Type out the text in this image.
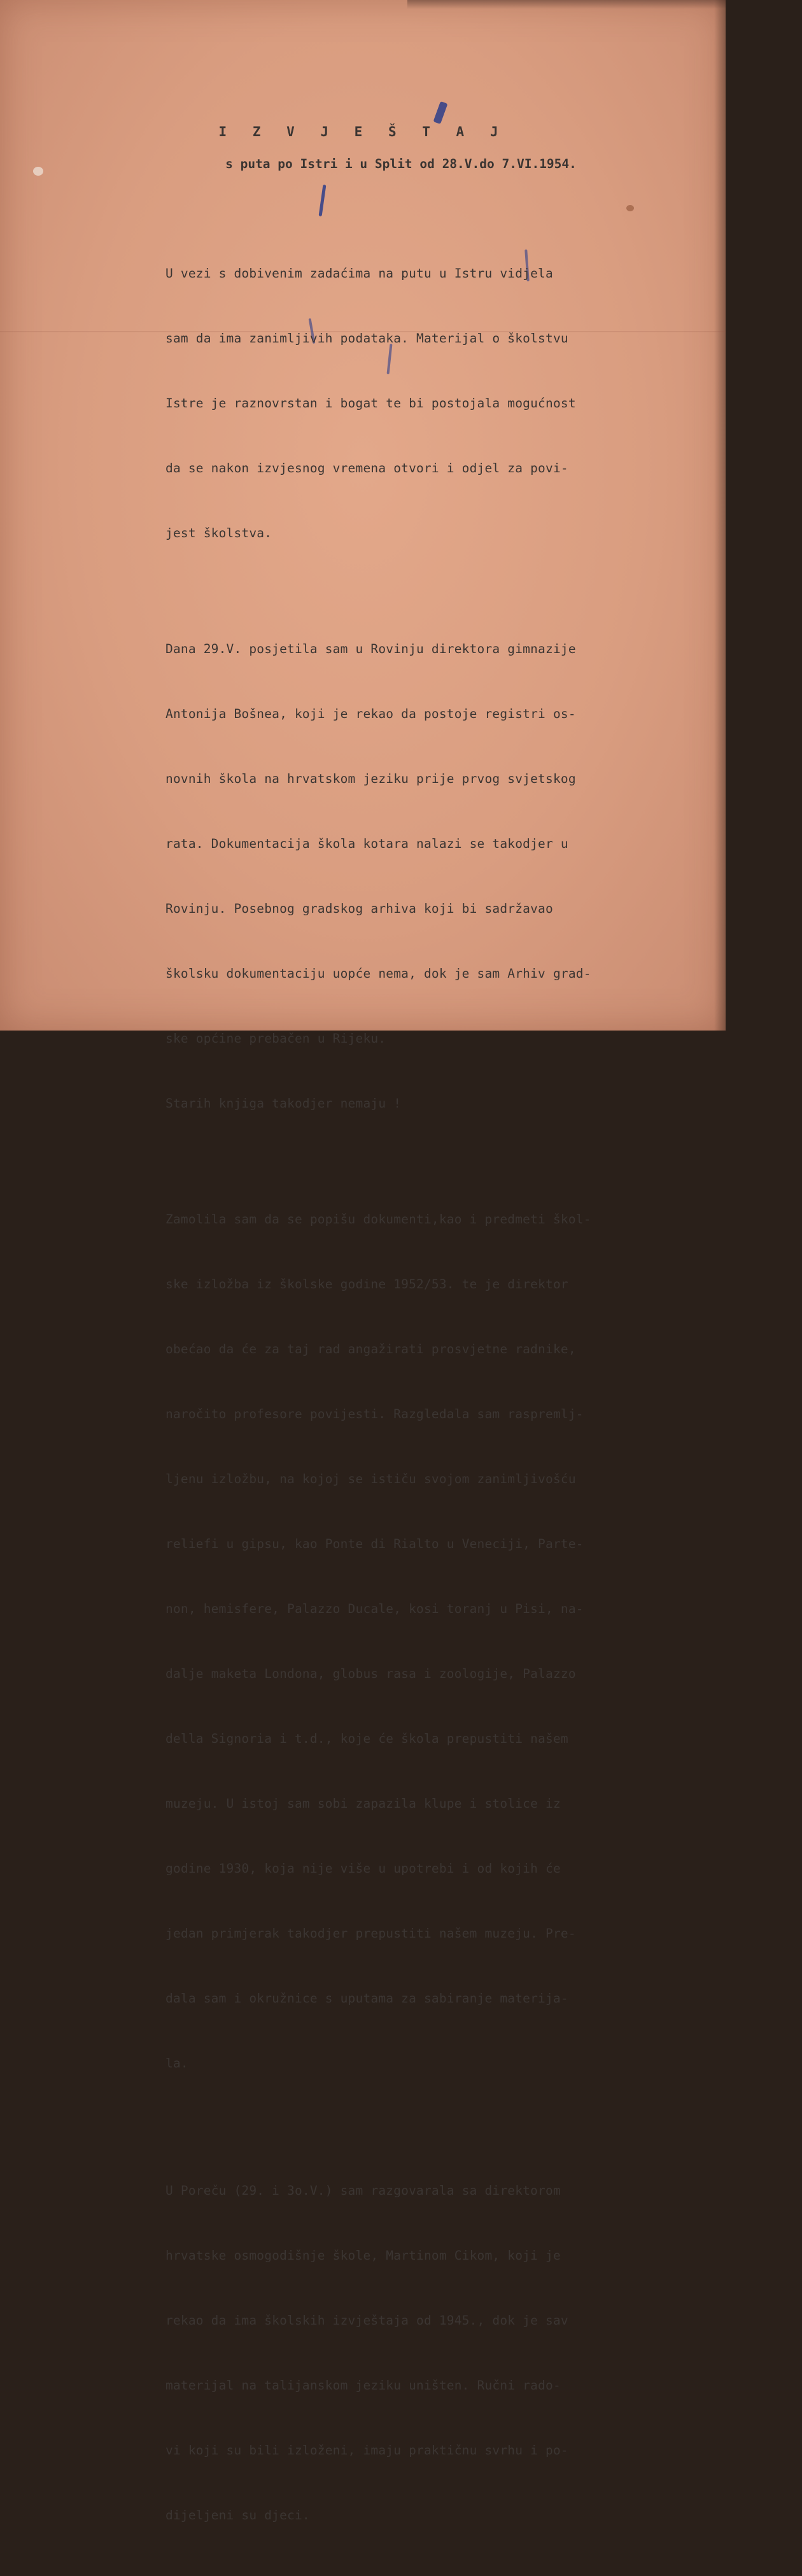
I Z V J E Š T A J
s puta po Istri i u Split od 28.V.do 7.VI.1954.

U vezi s dobivenim zadaćima na putu u Istru vidjela

sam da ima zanimljivih podataka. Materijal o školstvu

Istre je raznovrstan i bogat te bi postojala mogućnost

da se nakon izvjesnog vremena otvori i odjel za povi-

jest školstva.

Dana 29.V. posjetila sam u Rovinju direktora gimnazije

Antonija Bošnea, koji je rekao da postoje registri os-

novnih škola na hrvatskom jeziku prije prvog svjetskog

rata. Dokumentacija škola kotara nalazi se takodjer u

Rovinju. Posebnog gradskog arhiva koji bi sadržavao

školsku dokumentaciju uopće nema, dok je sam Arhiv grad-

ske općine prebačen u Rijeku.

Starih knjiga takodjer nemaju !

Zamolila sam da se popišu dokumenti,kao i predmeti škol-

ske izložba iz školske godine 1952/53. te je direktor

obećao da će za taj rad angažirati prosvjetne radnike,

naročito profesore povijesti. Razgledala sam raspremlj-

ljenu izložbu, na kojoj se ističu svojom zanimljivošću

reliefi u gipsu, kao Ponte di Rialto u Veneciji, Parte-

non, hemisfere, Palazzo Ducale, kosi toranj u Pisi, na-

dalje maketa Londona, globus rasa i zoologije, Palazzo

della Signoria i t.d., koje će škola prepustiti našem

muzeju. U istoj sam sobi zapazila klupe i stolice iz

godine 1930, koja nije više u upotrebi i od kojih će

jedan primjerak takodjer prepustiti našem muzeju. Pre-

dala sam i okružnice s uputama za sabiranje materija-

la.

U Poreču (29. i 3o.V.) sam razgovarala sa direktorom

hrvatske osmogodišnje škole, Martinom Cikom, koji je

rekao da ima školskih izvještaja od 1945., dok je sav

materijal na talijanskom jeziku uništen. Ručni rado-

vi koji su bili izloženi, imaju praktičnu svrhu i po-

dijeljeni su djeci.
